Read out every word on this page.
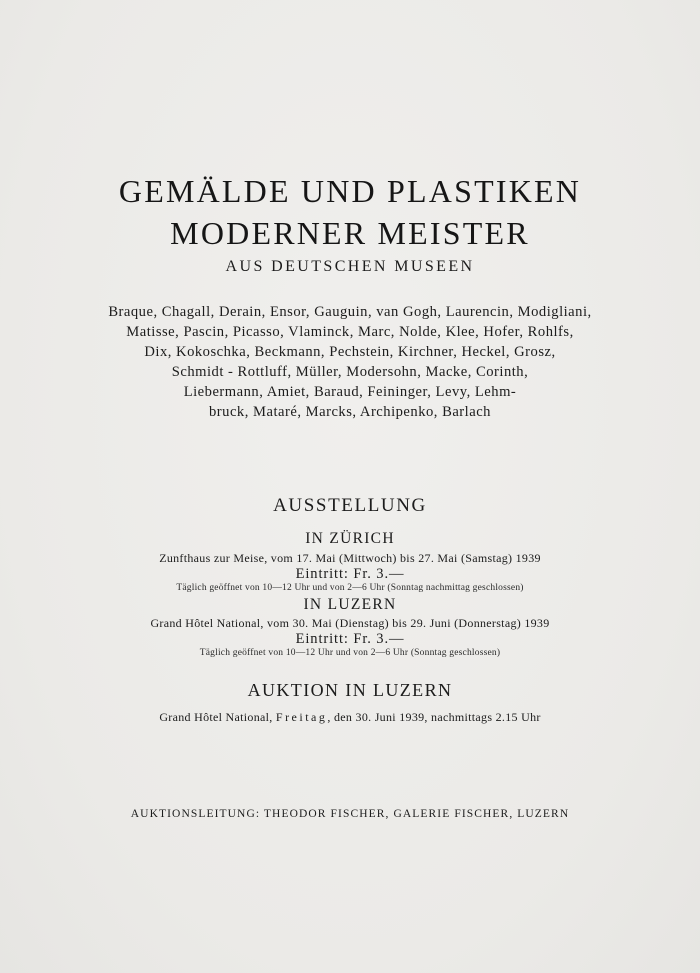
GEMÄLDE UND PLASTIKEN
MODERNER MEISTER
AUS DEUTSCHEN MUSEEN
Braque, Chagall, Derain, Ensor, Gauguin, van Gogh, Laurencin, Modigliani,
Matisse, Pascin, Picasso, Vlaminck, Marc, Nolde, Klee, Hofer, Rohlfs,
Dix, Kokoschka, Beckmann, Pechstein, Kirchner, Heckel, Grosz,
Schmidt - Rottluff, Müller, Modersohn, Macke, Corinth,
Liebermann, Amiet, Baraud, Feininger, Levy, Lehm-
bruck, Mataré, Marcks, Archipenko, Barlach
AUSSTELLUNG
IN ZÜRICH
Zunfthaus zur Meise, vom 17. Mai (Mittwoch) bis 27. Mai (Samstag) 1939
Eintritt: Fr. 3.—
Täglich geöffnet von 10—12 Uhr und von 2—6 Uhr (Sonntag nachmittag geschlossen)
IN LUZERN
Grand Hôtel National, vom 30. Mai (Dienstag) bis 29. Juni (Donnerstag) 1939
Eintritt: Fr. 3.—
Täglich geöffnet von 10—12 Uhr und von 2—6 Uhr (Sonntag geschlossen)
AUKTION IN LUZERN
Grand Hôtel National, Freitag, den 30. Juni 1939, nachmittags 2.15 Uhr
AUKTIONSLEITUNG: THEODOR FISCHER, GALERIE FISCHER, LUZERN
